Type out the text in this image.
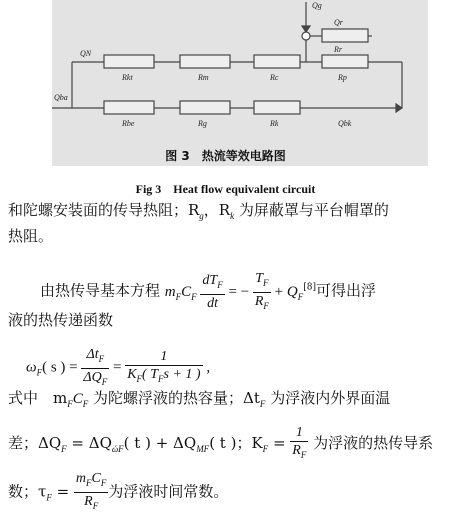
Qg
Qr
Rr
QN
Rkt	Rm	Rc	Rp
Qba
Rbe	Rg	Rk	Qbk
图 3　热流等效电路图
Fig 3　Heat flow equivalent circuit
和陀螺安装面的传导热阻；$R_g$，$R_k$ 为屏蔽罩与平台帽罩的
热阻。
由热传导基本方程 $m_FC_F \frac{dT_F}{dt}$ = − $\frac{T_F}{R_F} + Q_F[8]$可得出浮
液的热传递函数
$\omega_F$( s ) = $\frac{\Delta t_F}{\Delta Q_F} = \frac{1}{K_F( T_Fs + 1 )}$ ,
式中　$m_FC_F$ 为陀螺浮液的热容量；$\Delta t_F$ 为浮液内外界面温
差；$\Delta Q_F = \Delta Q_{ώF}$( t ) + $\Delta Q_{MF}$( t )；$K_F = \frac{1}{R_F}$ 为浮液的热传导系
数；$\tau_F = \frac{m_FC_F}{R_F}$ 为浮液时间常数。
